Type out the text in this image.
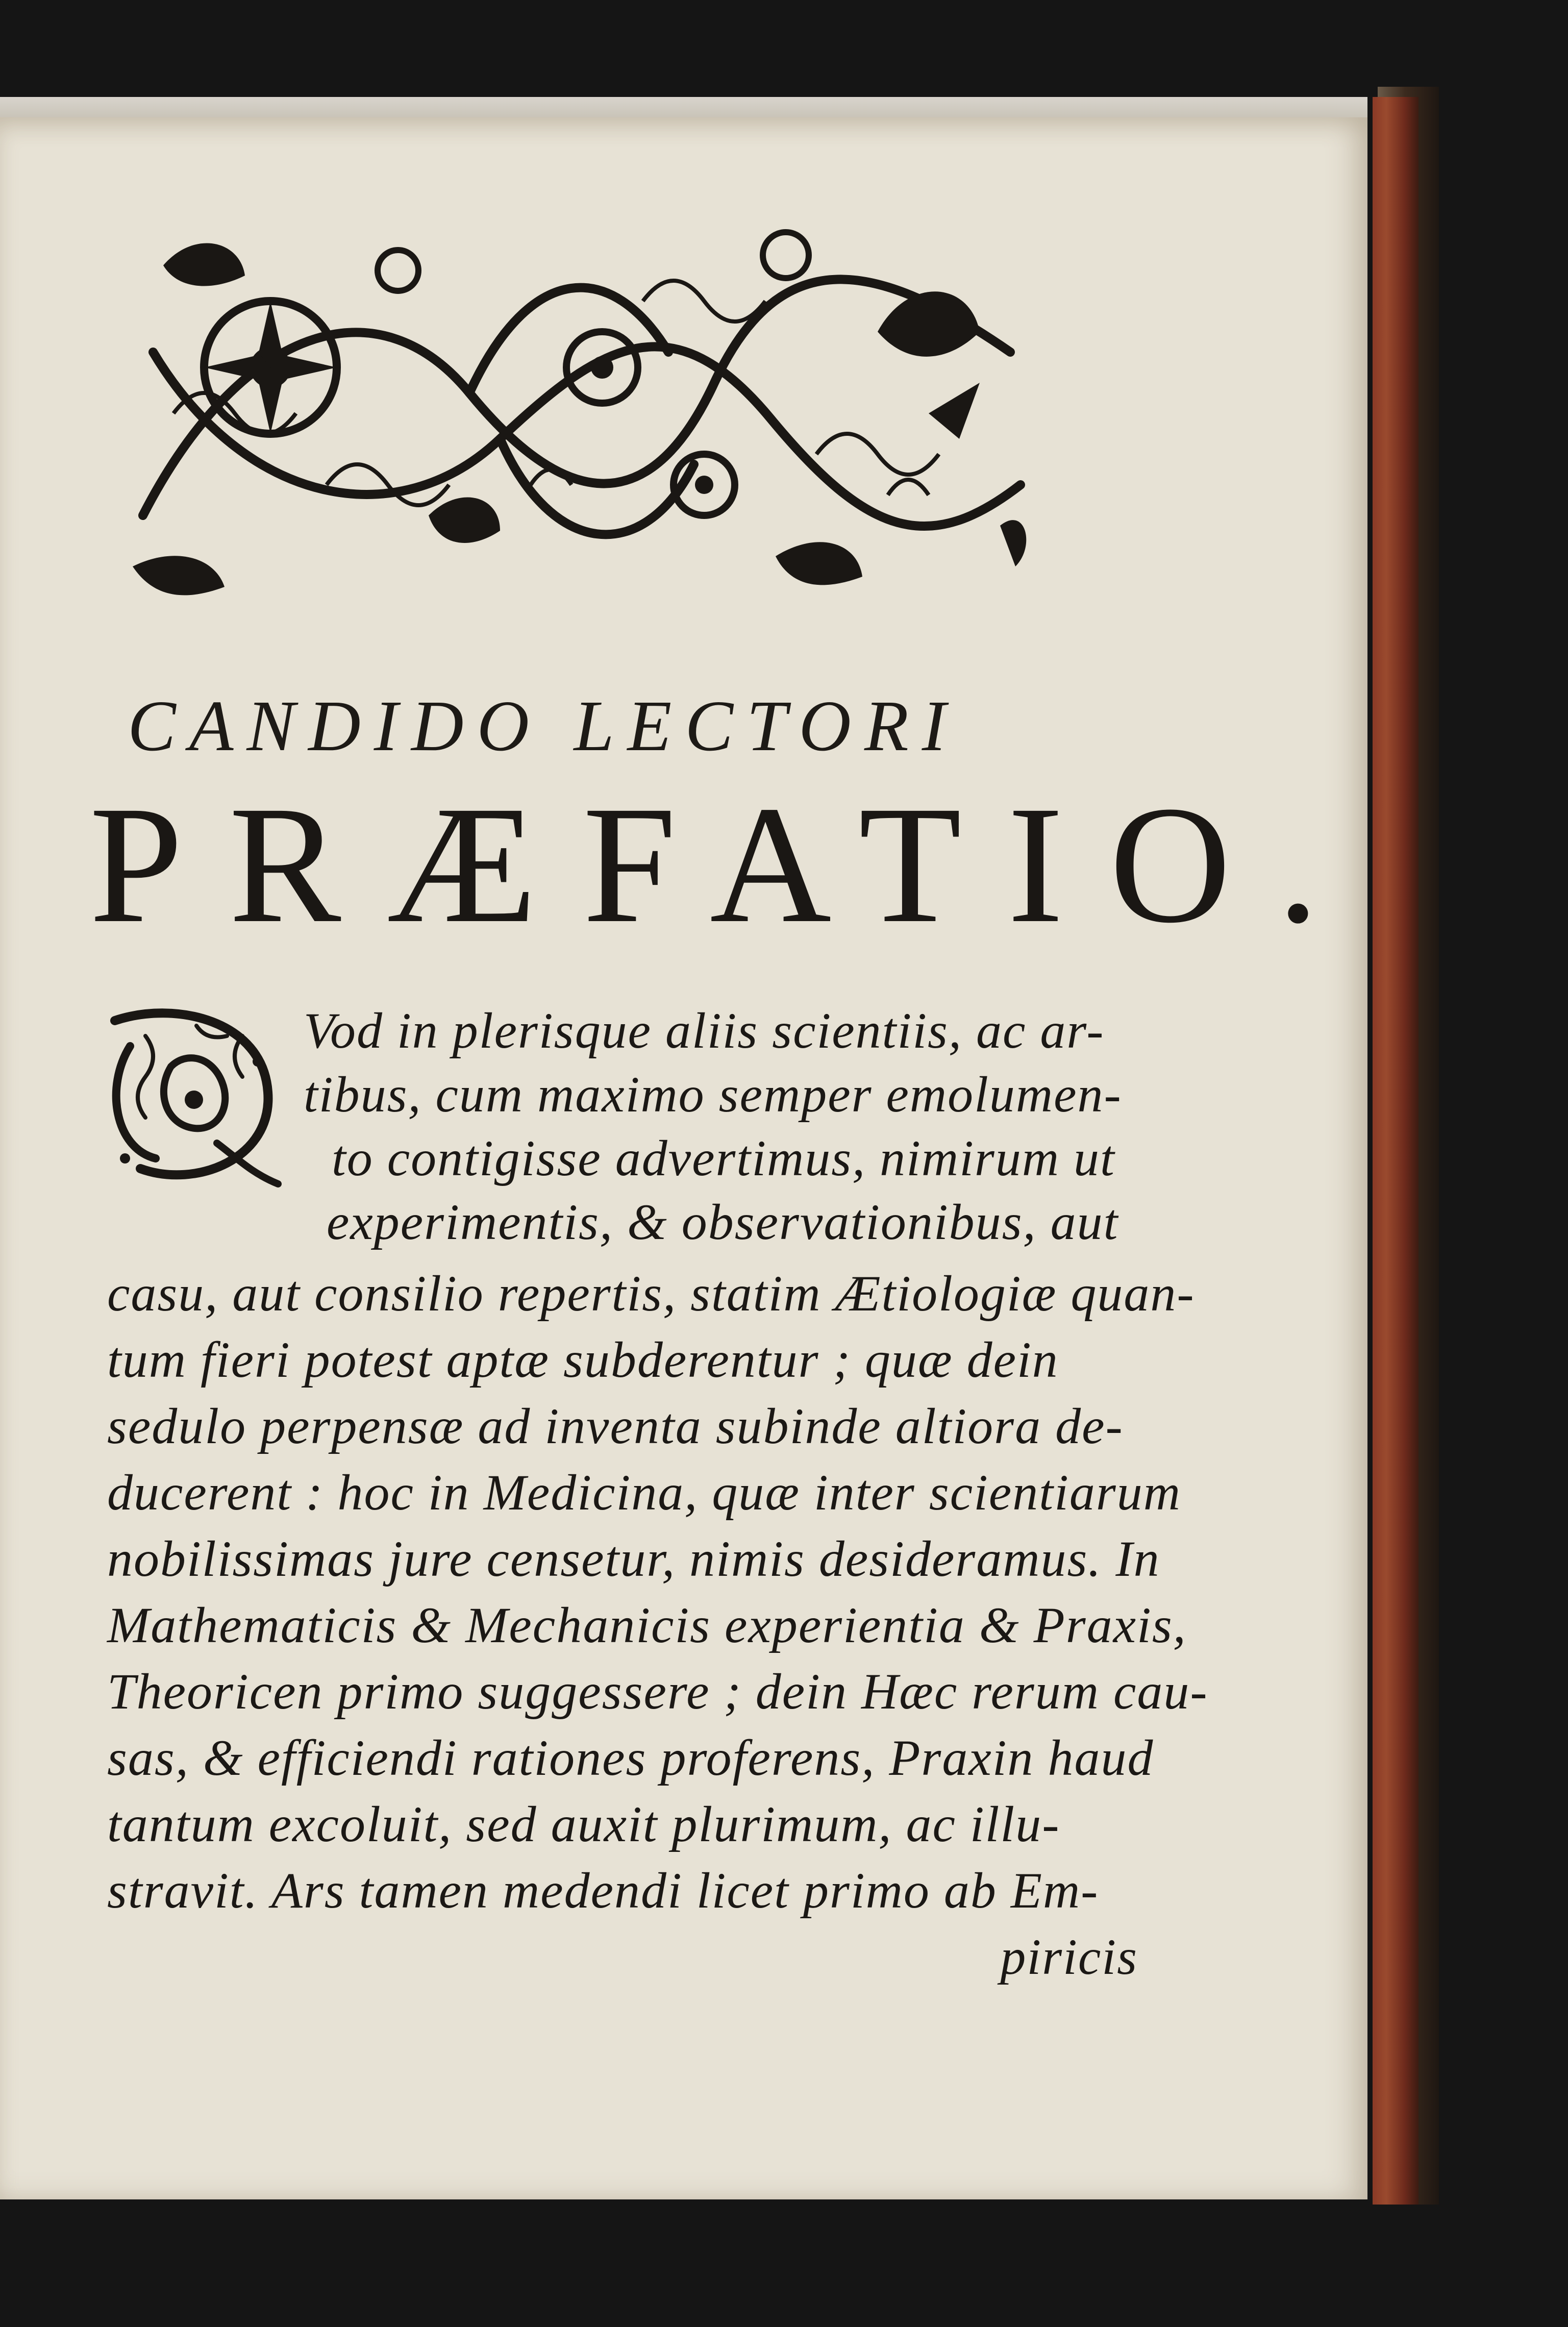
CANDIDO LECTORI
PRÆFATIO.
Vod in plerisque aliis scientiis, ac ar-
tibus, cum maximo semper emolumen-
to contigisse advertimus, nimirum ut
experimentis, & observationibus, aut
casu, aut consilio repertis, statim Ætiologiæ quan-
tum fieri potest aptæ subderentur ; quæ dein
sedulo perpensæ ad inventa subinde altiora de-
ducerent : hoc in Medicina, quæ inter scientiarum
nobilissimas jure censetur, nimis desideramus. In
Mathematicis & Mechanicis experientia & Praxis,
Theoricen primo suggessere ; dein Hæc rerum cau-
sas, & efficiendi rationes proferens, Praxin haud
tantum excoluit, sed auxit plurimum, ac illu-
stravit. Ars tamen medendi licet primo ab Em-
piricis
